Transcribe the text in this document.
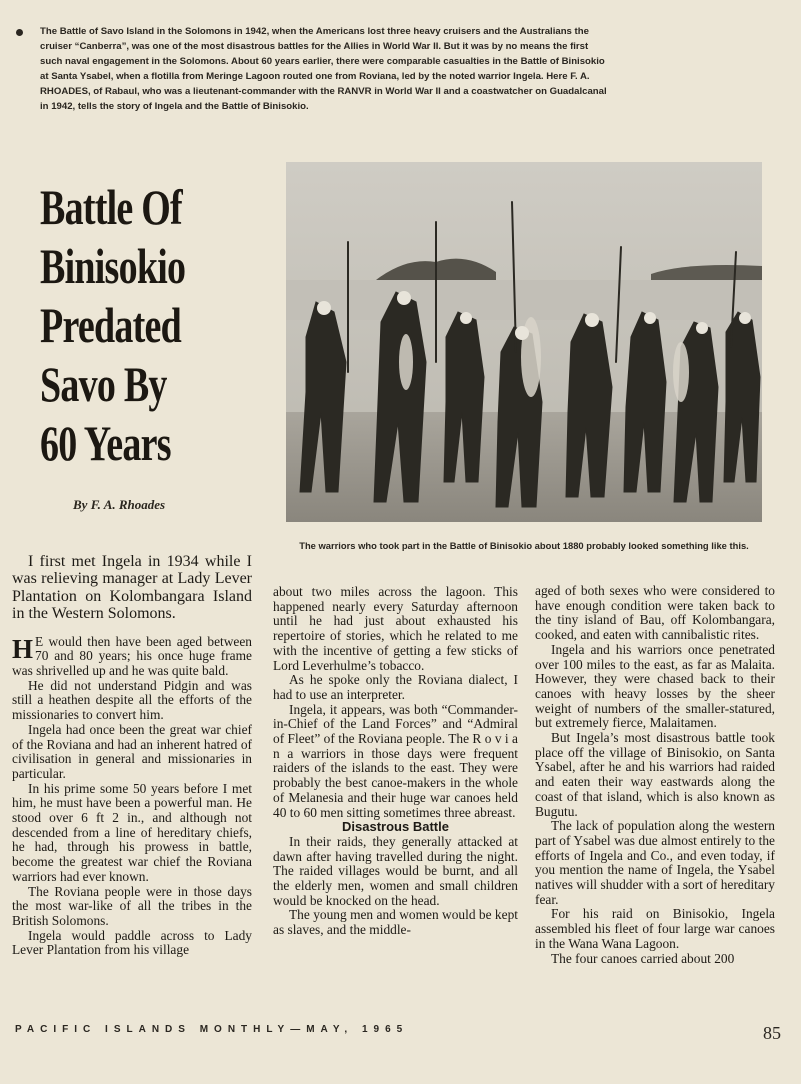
The Battle of Savo Island in the Solomons in 1942, when the Americans lost three heavy cruisers and the Australians the cruiser “Canberra”, was one of the most disastrous battles for the Allies in World War II. But it was by no means the first such naval engagement in the Solomons. About 60 years earlier, there were comparable casualties in the Battle of Binisokio at Santa Ysabel, when a flotilla from Meringe Lagoon routed one from Roviana, led by the noted warrior Ingela. Here F. A. RHOADES, of Rabaul, who was a lieutenant-commander with the RANVR in World War II and a coastwatcher on Guadalcanal in 1942, tells the story of Ingela and the Battle of Binisokio.

Battle Of
Binisokio
Predated
Savo By
60 Years
By F. A. Rhoades
The warriors who took part in the Battle of Binisokio about 1880 probably looked something like this.

I first met Ingela in 1934 while I was relieving manager at Lady Lever Plantation on Kolombangara Island in the Western Solomons.

H E would then have been aged between 70 and 80 years; his once huge frame was shrivelled up and he was quite bald.

He did not understand Pidgin and was still a heathen despite all the efforts of the missionaries to convert him.

Ingela had once been the great war chief of the Roviana and had an inherent hatred of civilisation in general and missionaries in particular.

In his prime some 50 years before I met him, he must have been a powerful man. He stood over 6 ft 2 in., and although not descended from a line of hereditary chiefs, he had, through his prowess in battle, become the greatest war chief the Roviana warriors had ever known.

The Roviana people were in those days the most war-like of all the tribes in the British Solomons.

Ingela would paddle across to Lady Lever Plantation from his village

about two miles across the lagoon. This happened nearly every Saturday afternoon until he had just about exhausted his repertoire of stories, which he related to me with the incentive of getting a few sticks of Lord Leverhulme’s tobacco.

As he spoke only the Roviana dialect, I had to use an interpreter.

Ingela, it appears, was both “Commander-in-Chief of the Land Forces” and “Admiral of Fleet” of the Roviana people. The R o v i a n a warriors in those days were frequent raiders of the islands to the east. They were probably the best canoe-makers in the whole of Melanesia and their huge war canoes held 40 to 60 men sitting sometimes three abreast.

Disastrous Battle

In their raids, they generally attacked at dawn after having travelled during the night. The raided villages would be burnt, and all the elderly men, women and small children would be knocked on the head.

The young men and women would be kept as slaves, and the middle-

aged of both sexes who were considered to have enough condition were taken back to the tiny island of Bau, off Kolombangara, cooked, and eaten with cannibalistic rites.

Ingela and his warriors once penetrated over 100 miles to the east, as far as Malaita. However, they were chased back to their canoes with heavy losses by the sheer weight of numbers of the smaller-statured, but extremely fierce, Malaitamen.

But Ingela’s most disastrous battle took place off the village of Binisokio, on Santa Ysabel, after he and his warriors had raided and eaten their way eastwards along the coast of that island, which is also known as Bugutu.

The lack of population along the western part of Ysabel was due almost entirely to the efforts of Ingela and Co., and even today, if you mention the name of Ingela, the Ysabel natives will shudder with a sort of hereditary fear.

For his raid on Binisokio, Ingela assembled his fleet of four large war canoes in the Wana Wana Lagoon.

The four canoes carried about 200

PACIFIC ISLANDS MONTHLY—MAY, 1965	85
